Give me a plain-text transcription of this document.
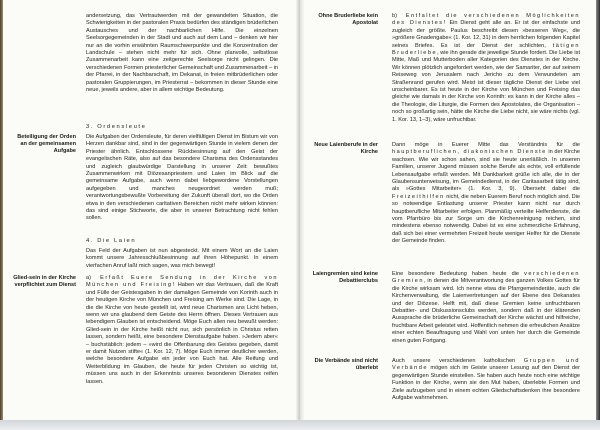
andersetzung, das Vertrautwerden mit der gewandelten Situation, die Schwierigkeiten in der pastoralen Praxis bedürfen des ständigen brüderlichen Austausches und der nachbarlichen Hilfe. Die einzelnen Seelsorgegemeinden in der Stadt und auch auf dem Land – denken wir hier nur an die vorhin erwähnten Raumschwerpunkte und die Konzentration der Landschule – stehen nicht mehr für sich. Ohne planvolle, selbstlose Zusammenarbeit kann eine zeitgerechte Seelsorge nicht gelingen. Die verschiedenen Formen priesterlicher Gemeinschaft und Zusammenarbeit – in der Pfarrei, in der Nachbarschaft, im Dekanat, in freien mitbrüderlichen oder pastoralen Gruppierungen, im Priesterrat – bekommen in dieser Stunde eine neue, jeweils andere, aber in allem wichtige Bedeutung.

3. Ordensleute

Beteiligung der Orden an der gemeinsamen Aufgabe

Die Aufgaben der Ordensleute, für deren vielfältigen Dienst im Bistum wir von Herzen dankbar sind, sind in der gegenwärtigen Stunde in vielem denen der Priester ähnlich. Entschlossene Rückbesinnung auf den Geist der evangelischen Räte, also auf das besondere Charisma des Ordensstandes und zugleich glaubwürdige Darstellung in unserer Zeit: bewußtes Zusammenwirken mit Diözesanpriestern und Laien im Blick auf die gemeinsame Aufgabe, auch wenn dabei liebgewordene Vorstellungen aufgegeben und manches neugeordnet werden muß; verantwortungsbewußte Vorbereitung der Zukunft überall dort, wo die Orden etwa in den verschiedenen caritativen Bereichen nicht mehr wirken können: das sind einige Stichworte, die aber in unserer Betrachtung nicht fehlen sollen.

4. Die Laien

Das Feld der Aufgaben ist nun abgesteckt. Mit einem Wort an die Laien kommt unsere Jahresschlußbesinnung auf ihren Höhepunkt. In einem vierfachen Anruf laßt mich sagen, was mich bewegt!

Glied-sein in der Kirche verpflichtet zum Dienst

a) Erfaßt Euere Sendung in der Kirche von München und Freising! Haben wir das Vertrauen, daß die Kraft und Fülle der Geistesgaben in der damaligen Gemeinde von Korinth auch in der heutigen Kirche von München und Freising am Werke sind. Die Lage, in die die Kirche von heute gestellt ist, wird neue Charismen ans Licht heben, wenn wir uns glaubend dem Geiste des Herrn öffnen. Dieses Vertrauen aus lebendigem Glauben ist entscheidend. Möge Euch allen neu bewußt werden: Glied-sein in der Kirche heißt nicht nur, sich persönlich in Christus retten lassen, sondern heißt, eine besondere Dienstaufgabe haben. »Jedem aber« – buchstäblich: jedem – »wird die Offenbarung des Geistes gegeben, damit er damit Nutzen stifte« (1. Kor. 12, 7). Möge Euch immer deutlicher werden, welche besondere Aufgabe ein jeder von Euch hat. Alle Reifung und Weiterbildung im Glauben, die heute für jeden Christen so wichtig ist, müssen uns auch in der Erkenntnis unseres besonderen Dienstes reifen lassen.

Ohne Bruderliebe kein Apostolat

b) Entfaltet die verschiedenen Möglichkeiten des Dienstes! Ein Dienst geht alle an. Er ist der einfachste und zugleich der größte. Paulus beschreibt diesen »besseren Weg«, die »größere Gnadengabe« (1. Kor. 12, 31) in dem herrlichen folgenden Kapitel seines Briefes. Es ist der Dienst der schlichten, tätigen Bruderliebe, wie ihn gerade die jeweilige Stunde fordert. Die Liebe ist Mitte, Maß und Mutterboden aller Kategorien des Dienstes in der Kirche. Wir können plötzlich angefordert werden, wie der Samariter, der auf seinem Reiseweg von Jerusalem nach Jericho zu dem Verwundeten am Straßenrand gerufen wird. Meist ist dieser tägliche Dienst der Liebe viel unscheinbarer. Es ist heute in der Kirche von München und Freising das gleiche wie damals in der Kirche von Korinth: es kann in der Kirche alles – die Theologie, die Liturgie, die Formen des Apostolates, die Organisation – noch so großartig sein, hätte die Kirche die Liebe nicht, sie wäre nichts (vgl. 1. Kor. 13, 1–3), wäre unfruchtbar.

Neue Laienberufe in der Kirche

Dann möge in Euerer Mitte das Verständnis für die hauptberuflichen, diakonischen Dienste in der Kirche wachsen. Wie wir schon sahen, sind sie heute unerläßlich. In unseren Familien, unserer Jugend müssen solche Berufe als echte, voll erfüllende Lebensaufgabe erfaßt werden. Mit Dankbarkeit grüße ich alle, die in der Glaubensunterweisung, im Gemeindedienst, in der Caritasarbeit tätig sind, als »Gottes Mitarbeiter« (1. Kor. 3, 9). Überseht dabei die Freizeithilfen nicht, die neben Euerem Beruf noch möglich sind. Die so notwendige Entlastung unserer Priester kann nicht nur durch hauptberufliche Mitarbeiter erfolgen. Planmäßig verteilte Helferdienste, die vom Pfarrbüro bis zur Sorge um die Kirchenreinigung reichen, sind mindestens ebenso notwendig. Dabei ist es eine schmerzliche Erfahrung, daß sich bei einer vermehrten Freizeit heute weniger Helfer für die Dienste der Gemeinde finden.

Laiengremien sind keine Debattierclubs

Eine besondere Bedeutung haben heute die verschiedenen Gremien, in denen die Mitverantwortung des ganzen Volkes Gottes für die Kirche wirksam wird. Ich nenne etwa die Pfarrgemeinderäte, auch die Kirchenverwaltung, die Laienvertretungen auf der Ebene des Dekanates und der Diözese. Helft mit, daß diese Gremien keine unfruchtbaren Debattier- und Diskussionsclubs werden, sondern daß in der klärenden Aussprache die brüderliche Gemeinschaft der Kirche wächst und hilfreiche, fruchtbare Arbeit geleistet wird. Hoffentlich nehmen die erfreulichen Ansätze einer echten Beauftragung und Wahl von unten her durch die Gemeinde einen guten Fortgang.

Die Verbände sind nicht überlebt

Auch unsere verschiedenen katholischen Gruppen und Verbände mögen sich im Geiste unserer Lesung auf den Dienst der gegenwärtigen Stunde einstellen. Sie haben auch heute noch eine wichtige Funktion in der Kirche, wenn sie den Mut haben, überlebte Formen und Ziele aufzugeben und in einem echten Gliedschaftsdenken ihre besondere Aufgabe wahrnehmen.
